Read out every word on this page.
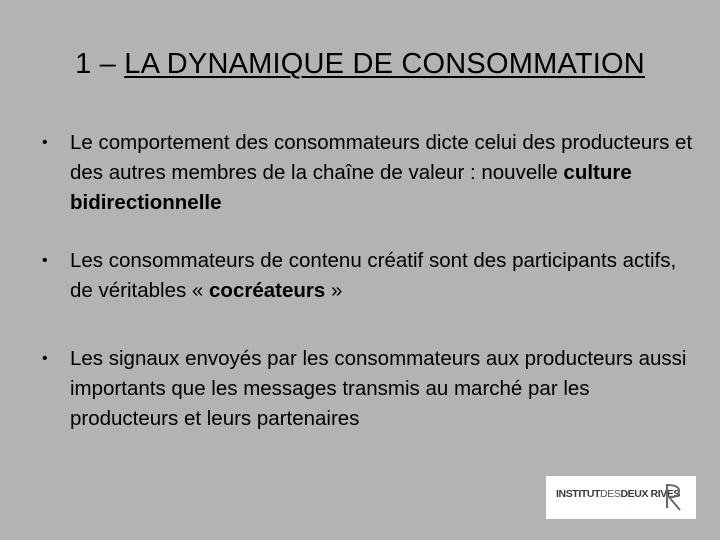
1 – LA DYNAMIQUE DE CONSOMMATION
• Le comportement des consommateurs dicte celui des producteurs et des autres membres de la chaîne de valeur : nouvelle culture bidirectionnelle
• Les consommateurs de contenu créatif sont des participants actifs, de véritables « cocréateurs »
• Les signaux envoyés par les consommateurs aux producteurs aussi importants que les messages transmis au marché par les producteurs et leurs partenaires
INSTITUTDESDEUX RIVES
…
